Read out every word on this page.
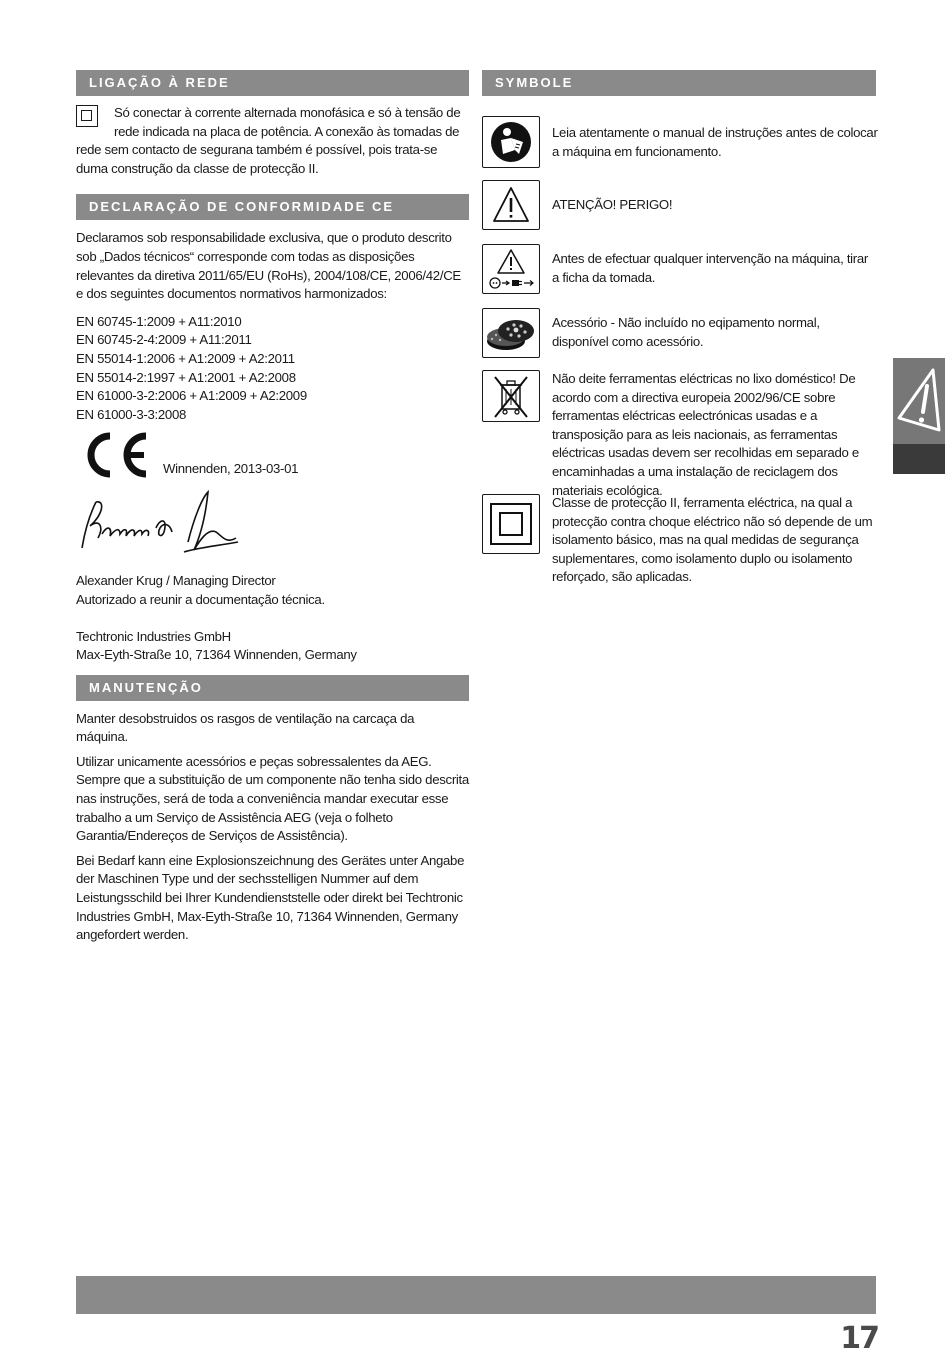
LIGAÇÃO À REDE

Só conectar à corrente alternada monofásica e só à tensão de rede indicada na placa de potência. A conexão às tomadas de rede sem contacto de segurana também é possível, pois trata-se duma construção da classe de protecção II.

DECLARAÇÃO DE CONFORMIDADE CE

Declaramos sob responsabilidade exclusiva, que o produto descrito sob „Dados técnicos“ corresponde com todas as disposições relevantes da diretiva 2011/65/EU (RoHs), 2004/108/CE, 2006/42/CE e dos seguintes documentos normativos harmonizados:

EN 60745-1:2009 + A11:2010
EN 60745-2-4:2009 + A11:2011
EN 55014-1:2006 + A1:2009 + A2:2011
EN 55014-2:1997 + A1:2001 + A2:2008
EN 61000-3-2:2006 + A1:2009 + A2:2009
EN 61000-3-3:2008
Winnenden, 2013-03-01
Alexander Krug / Managing Director
Autorizado a reunir a documentação técnica.
Techtronic Industries GmbH
Max-Eyth-Straße 10, 71364 Winnenden, Germany
MANUTENÇÃO

Manter desobstruidos os rasgos de ventilação na carcaça da máquina.

Utilizar unicamente acessórios e peças sobressalentes da AEG. Sempre que a substituição de um componente não tenha sido descrita nas instruções, será de toda a conveniência mandar executar esse trabalho a um Serviço de Assistência AEG (veja o folheto Garantia/Endereços de Serviços de Assistência).

Bei Bedarf kann eine Explosionszeichnung des Gerätes unter Angabe der Maschinen Type und der sechsstelligen Nummer auf dem Leistungsschild bei Ihrer Kundendienststelle oder direkt bei Techtronic Industries GmbH, Max-Eyth-Straße 10, 71364 Winnenden, Germany angefordert werden.

SYMBOLE
Leia atentamente o manual de instruções antes de colocar a máquina em funcionamento.
ATENÇÃO! PERIGO!
Antes de efectuar qualquer intervenção na máquina, tirar a ficha da tomada.
Acessório - Não incluído no eqipamento normal, disponível como acessório.
Não deite ferramentas eléctricas no lixo doméstico! De acordo com a directiva europeia 2002/96/CE sobre ferramentas eléctricas eelectrónicas usadas e a transposição para as leis nacionais, as ferramentas eléctricas usadas devem ser recolhidas em separado e encaminhadas a uma instalação de reciclagem dos materiais ecológica.
Classe de protecção II, ferramenta eléctrica, na qual a protecção contra choque eléctrico não só depende de um isolamento básico, mas na qual medidas de segurança suplementares, como isolamento duplo ou isolamento reforçado, são aplicadas.
17
